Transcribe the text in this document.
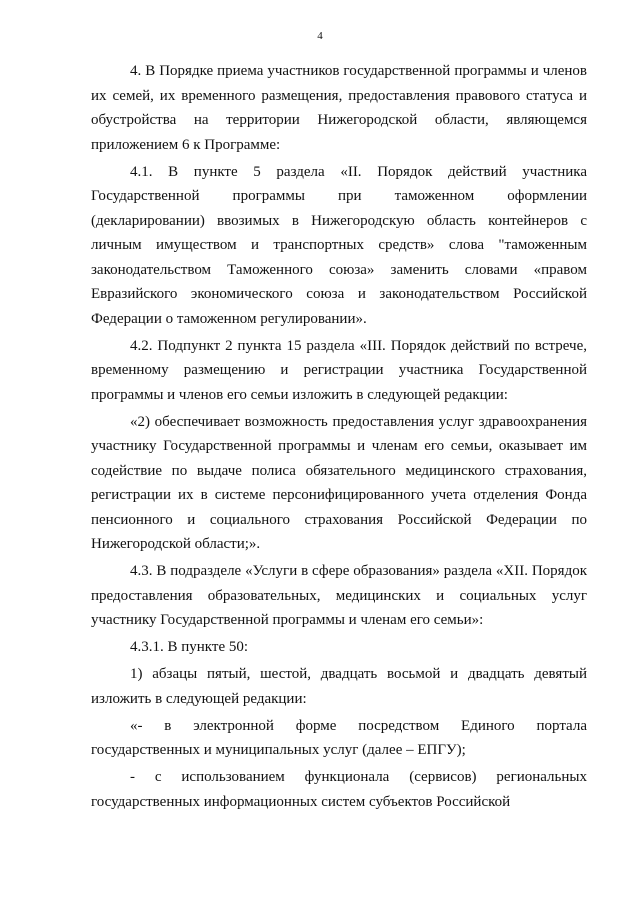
4

4. В Порядке приема участников государственной программы и членов их семей, их временного размещения, предоставления правового статуса и обустройства на территории Нижегородской области, являющемся приложением 6 к Программе:

4.1. В пункте 5 раздела «II. Порядок действий участника Государственной программы при таможенном оформлении (декларировании) ввозимых в Нижегородскую область контейнеров с личным имуществом и транспортных средств» слова "таможенным законодательством Таможенного союза» заменить словами «правом Евразийского экономического союза и законодательством Российской Федерации о таможенном регулировании».

4.2. Подпункт 2 пункта 15 раздела «III. Порядок действий по встрече, временному размещению и регистрации участника Государственной программы и членов его семьи изложить в следующей редакции:

«2) обеспечивает возможность предоставления услуг здравоохранения участнику Государственной программы и членам его семьи, оказывает им содействие по выдаче полиса обязательного медицинского страхования, регистрации их в системе персонифицированного учета отделения Фонда пенсионного и социального страхования Российской Федерации по Нижегородской области;».

4.3. В подразделе «Услуги в сфере образования» раздела «XII. Порядок предоставления образовательных, медицинских и социальных услуг участнику Государственной программы и членам его семьи»:

4.3.1. В пункте 50:

1) абзацы пятый, шестой, двадцать восьмой и двадцать девятый изложить в следующей редакции:

«- в электронной форме посредством Единого портала государственных и муниципальных услуг (далее – ЕПГУ);

- с использованием функционала (сервисов) региональных государственных информационных систем субъектов Российской
